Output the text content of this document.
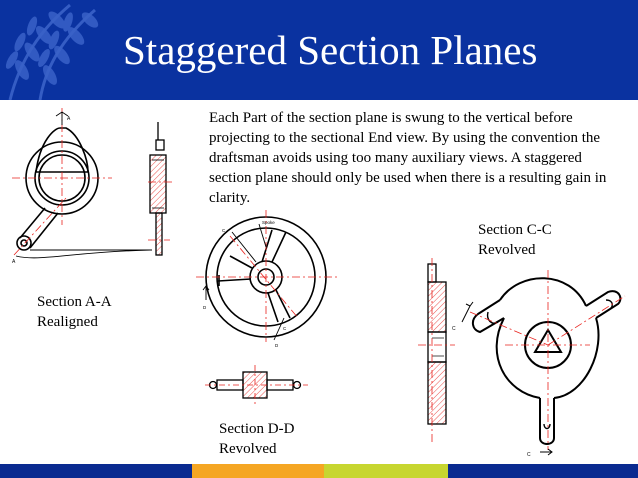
Staggered Section Planes
Each Part of the section plane is swung to the vertical before projecting to the sectional End view. By using the convention the draftsman avoids using too many auxiliary views. A staggered section plane should only be used when there is a resulting gain in clarity.
A
A
Spoke
C
D
D
C	C
C
Section A-A
Realigned
Section D-D
Revolved
Section C-C
Revolved
